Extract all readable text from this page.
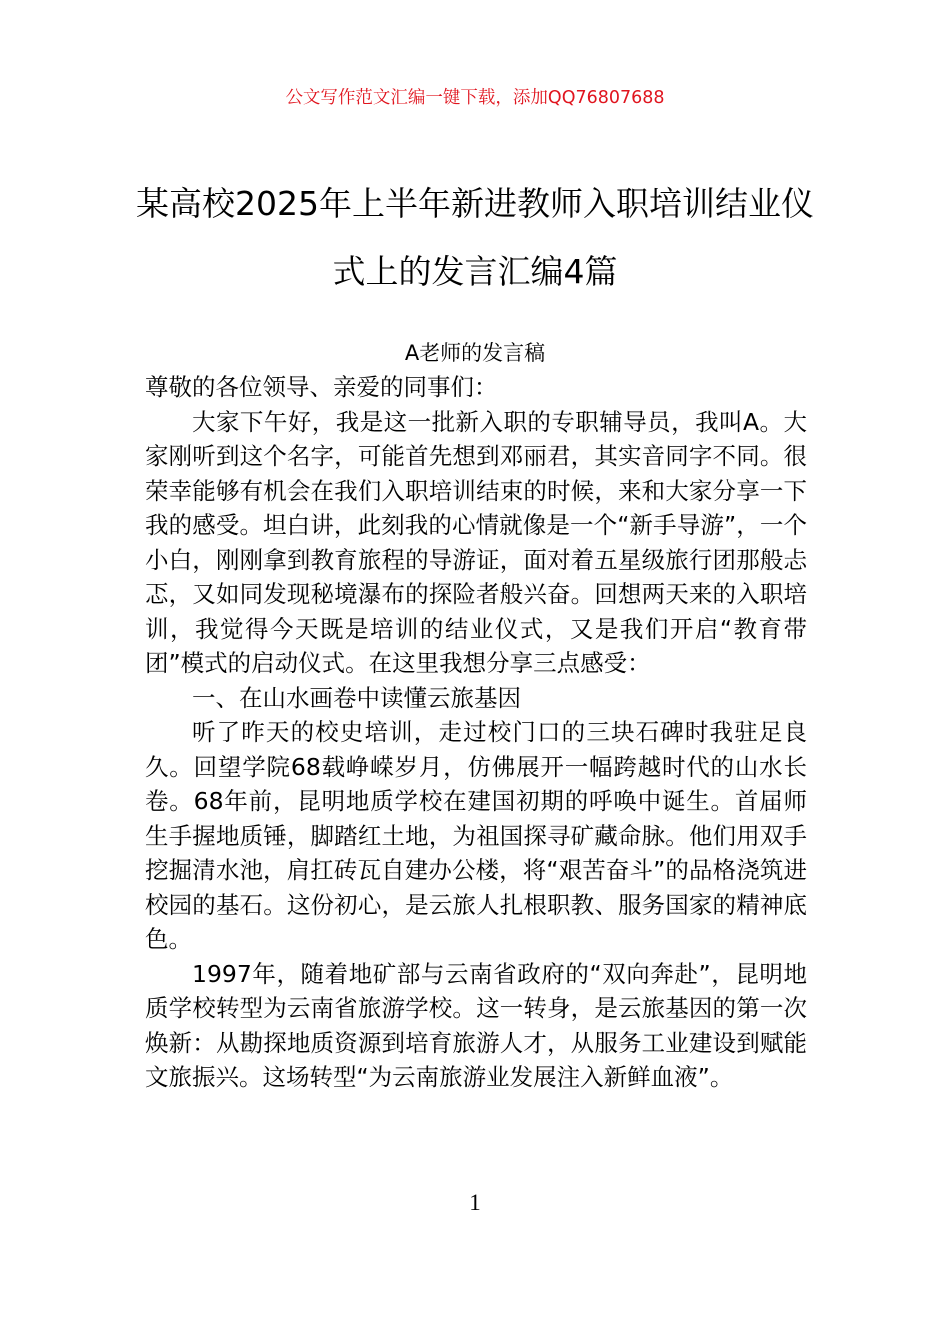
公文写作范文汇编一键下载，添加QQ76807688
某高校2025年上半年新进教师入职培训结业仪式上的发言汇编4篇
A老师的发言稿

尊敬的各位领导、亲爱的同事们：

大家下午好，我是这一批新入职的专职辅导员，我叫A。大家刚听到这个名字，可能首先想到邓丽君，其实音同字不同。很荣幸能够有机会在我们入职培训结束的时候，来和大家分享一下我的感受。坦白讲，此刻我的心情就像是一个“新手导游”，一个小白，刚刚拿到教育旅程的导游证，面对着五星级旅行团那般忐忑，又如同发现秘境瀑布的探险者般兴奋。回想两天来的入职培训，我觉得今天既是培训的结业仪式，又是我们开启“教育带团”模式的启动仪式。在这里我想分享三点感受：

一、在山水画卷中读懂云旅基因

听了昨天的校史培训，走过校门口的三块石碑时我驻足良久。回望学院68载峥嵘岁月，仿佛展开一幅跨越时代的山水长卷。68年前，昆明地质学校在建国初期的呼唤中诞生。首届师生手握地质锤，脚踏红土地，为祖国探寻矿藏命脉。他们用双手挖掘清水池，肩扛砖瓦自建办公楼，将“艰苦奋斗”的品格浇筑进校园的基石。这份初心，是云旅人扎根职教、服务国家的精神底色。

1997年，随着地矿部与云南省政府的“双向奔赴”，昆明地质学校转型为云南省旅游学校。这一转身，是云旅基因的第一次焕新：从勘探地质资源到培育旅游人才，从服务工业建设到赋能文旅振兴。这场转型“为云南旅游业发展注入新鲜血液”。

1
